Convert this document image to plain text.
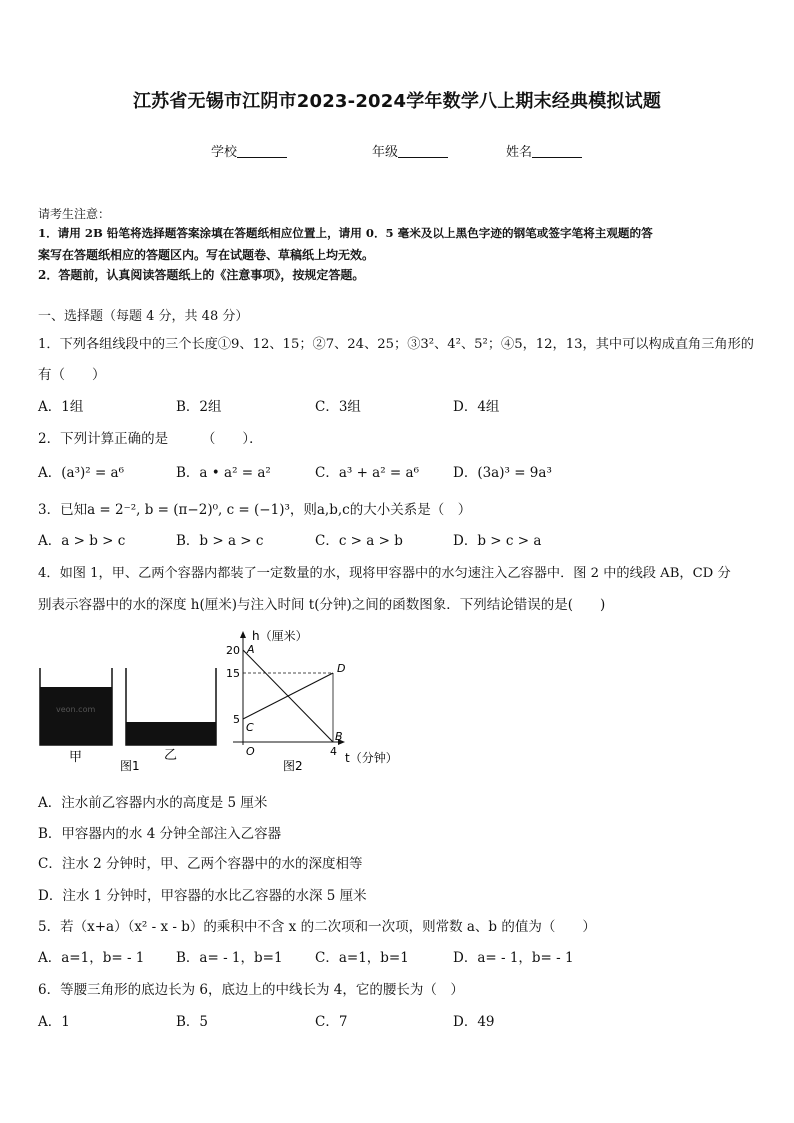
江苏省无锡市江阴市2023-2024学年数学八上期末经典模拟试题
学校	年级	姓名
请考生注意：
1．请用 2B 铅笔将选择题答案涂填在答题纸相应位置上，请用 0．5 毫米及以上黑色字迹的钢笔或签字笔将主观题的答
案写在答题纸相应的答题区内。写在试题卷、草稿纸上均无效。
2．答题前，认真阅读答题纸上的《注意事项》，按规定答题。
一、选择题（每题 4 分，共 48 分）
1．下列各组线段中的三个长度①9、12、15；②7、24、25；③3²、4²、5²；④5，12，13，其中可以构成直角三角形的
有（　　）
A．1组	B．2组	C．3组	D．4组
2．下列计算正确的是　　　（　　）．
A．(a³)² = a⁶	B．a • a² = a²	C．a³ + a² = a⁶	D．(3a)³ = 9a³
3．已知a = 2⁻², b = (π−2)⁰, c = (−1)³，则a,b,c的大小关系是（　）
A．a > b > c	B．b > a > c	C．c > a > b	D．b > c > a
4．如图 1，甲、乙两个容器内都装了一定数量的水，现将甲容器中的水匀速注入乙容器中．图 2 中的线段 AB，CD 分
别表示容器中的水的深度 h(厘米)与注入时间 t(分钟)之间的函数图象．下列结论错误的是(　　)
veon.com
甲	乙
图1
h（厘米）
t（分钟）
O
20
15
5
4
A
B
C
D
图2
A．注水前乙容器内水的高度是 5 厘米
B．甲容器内的水 4 分钟全部注入乙容器
C．注水 2 分钟时，甲、乙两个容器中的水的深度相等
D．注水 1 分钟时，甲容器的水比乙容器的水深 5 厘米
5．若（x+a）（x² - x - b）的乘积中不含 x 的二次项和一次项，则常数 a、b 的值为（　　）
A．a=1，b= - 1 B．a= - 1，b=1 C．a=1，b=1	D．a= - 1，b= - 1
6．等腰三角形的底边长为 6，底边上的中线长为 4，它的腰长为（　）
A．1	B．5	C．7	D．49
